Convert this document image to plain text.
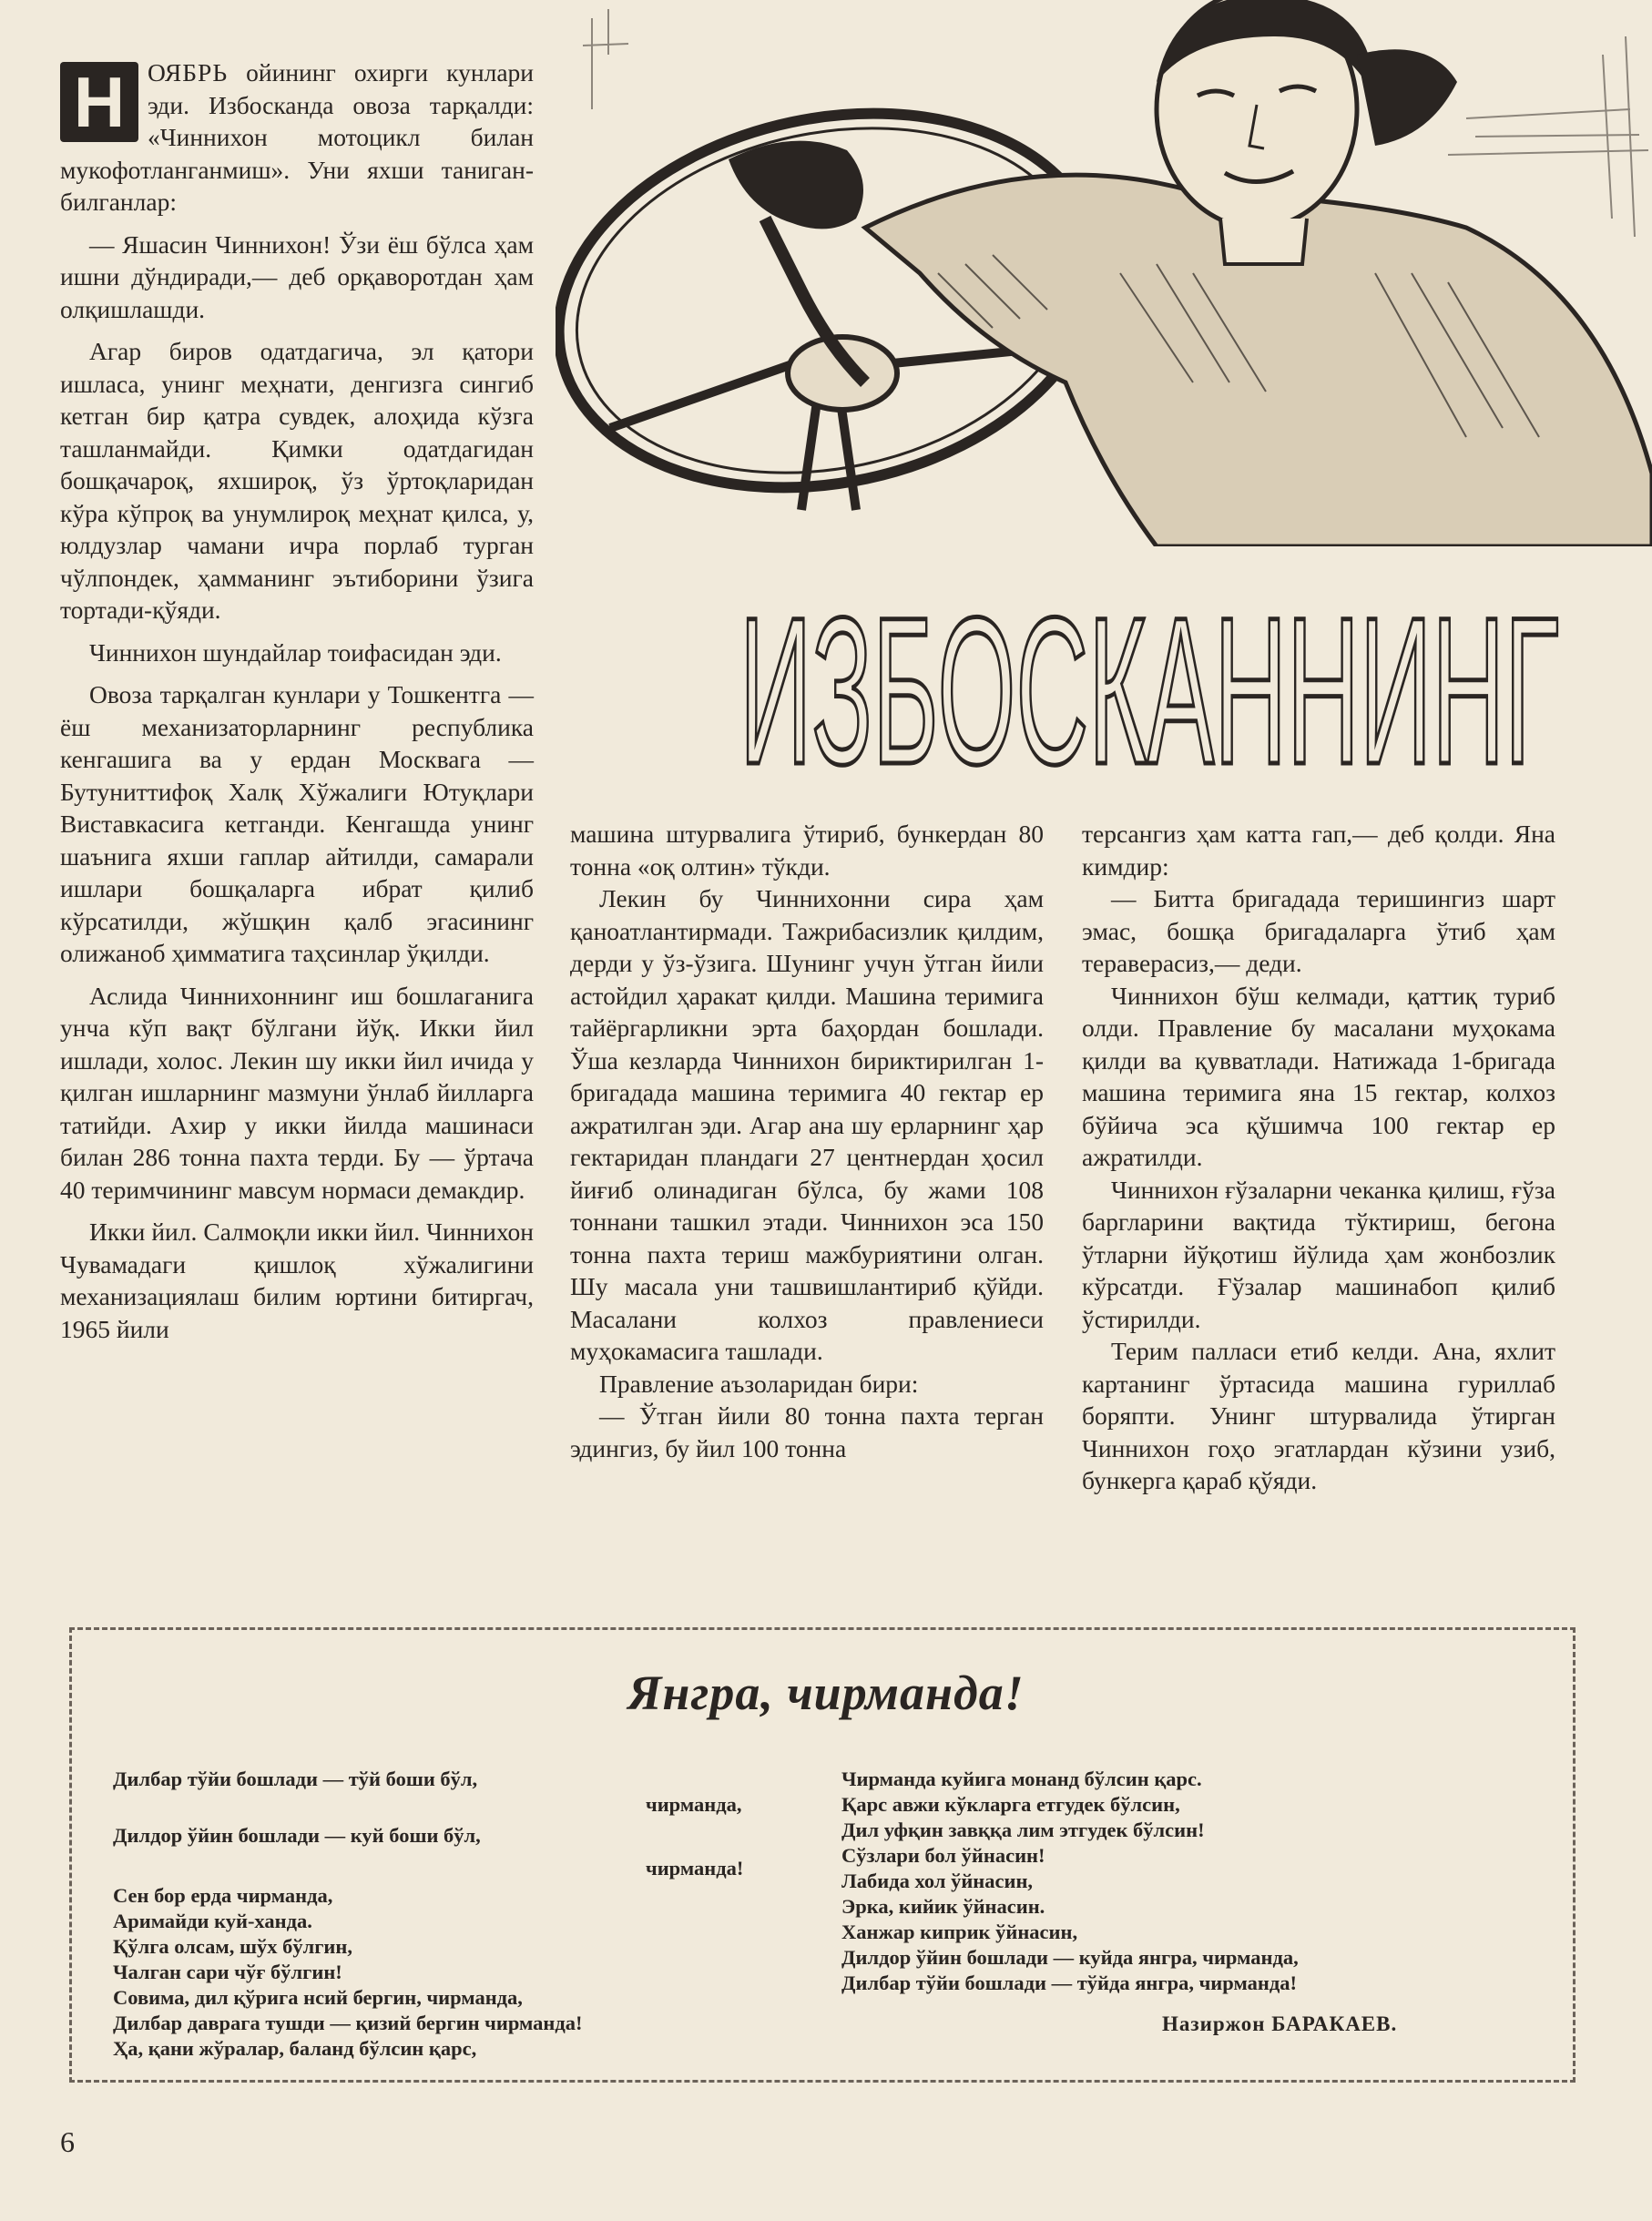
Н ОЯБРЬ ойининг охирги кунлари эди. Избосканда овоза тарқалди: «Чиннихон мотоцикл билан мукофотланганмиш». Уни яхши таниган-билганлар:

— Яшасин Чиннихон! Ўзи ёш бўлса ҳам ишни дўндиради,— деб орқаворотдан ҳам олқишлашди.

Агар биров одатдагича, эл қатори ишласа, унинг меҳнати, денгизга сингиб кетган бир қатра сувдек, алоҳида кўзга ташланмайди. Қимки одатдагидан бошқачароқ, яхшироқ, ўз ўртоқларидан кўра кўпроқ ва унумлироқ меҳнат қилса, у, юлдузлар чамани ичра порлаб турган чўлпондек, ҳамманинг эътиборини ўзига тортади-қўяди.

Чиннихон шундайлар тоифасидан эди.

Овоза тарқалган кунлари у Тошкентга — ёш механизаторларнинг республика кенгашига ва у ердан Москвага — Бутуниттифоқ Халқ Хўжалиги Ютуқлари Виставкасига кетганди. Кенгашда унинг шаънига яхши гаплар айтилди, самарали ишлари бошқаларга ибрат қилиб кўрсатилди, жўшқин қалб эгасининг олижаноб ҳимматига таҳсинлар ўқилди.

Аслида Чиннихоннинг иш бошлаганига унча кўп вақт бўлгани йўқ. Икки йил ишлади, холос. Лекин шу икки йил ичида у қилган ишларнинг мазмуни ўнлаб йилларга татийди. Ахир у икки йилда машинаси билан 286 тонна пахта терди. Бу — ўртача 40 теримчининг мавсум нормаси демакдир.

Икки йил. Салмоқли икки йил. Чиннихон Чувамадаги қишлоқ хўжалигини механизациялаш билим юртини битиргач, 1965 йили

ИЗБОСКАННИНГ

машина штурвалига ўтириб, бункердан 80 тонна «оқ олтин» тўкди.

Лекин бу Чиннихонни сира ҳам қаноатлантирмади. Тажрибасизлик қилдим, дерди у ўз-ўзига. Шунинг учун ўтган йили астойдил ҳаракат қилди. Машина теримига тайёргарликни эрта баҳордан бошлади. Ўша кезларда Чиннихон бириктирилган 1-бригадада машина теримига 40 гектар ер ажратилган эди. Агар ана шу ерларнинг ҳар гектаридан пландаги 27 центнердан ҳосил йиғиб олинадиган бўлса, бу жами 108 тоннани ташкил этади. Чиннихон эса 150 тонна пахта териш мажбуриятини олган. Шу масала уни ташвишлантириб қўйди. Масалани колхоз правлениеси муҳокамасига ташлади.

Правление аъзоларидан бири:

— Ўтган йили 80 тонна пахта терган эдингиз, бу йил 100 тонна

терсангиз ҳам катта гап,— деб қолди. Яна кимдир:

— Битта бригадада теришингиз шарт эмас, бошқа бригадаларга ўтиб ҳам тераверасиз,— деди.

Чиннихон бўш келмади, қаттиқ туриб олди. Правление бу масалани муҳокама қилди ва қувватлади. Натижада 1-бригада машина теримига яна 15 гектар, колхоз бўйича эса қўшимча 100 гектар ер ажратилди.

Чиннихон ғўзаларни чеканка қилиш, ғўза баргларини вақтида тўктириш, бегона ўтларни йўқотиш йўлида ҳам жонбозлик кўрсатди. Ғўзалар машинабоп қилиб ўстирилди.

Терим палласи етиб келди. Ана, яхлит картанинг ўртасида машина гуриллаб боряпти. Унинг штурвалида ўтирган Чиннихон гоҳо эгатлардан кўзини узиб, бункерга қараб қўяди.

Янгра, чирманда!
Дилбар тўйи бошлади — тўй боши бўл,
чирманда,
Дилдор ўйин бошлади — куй боши бўл,
чирманда!
Сен бор ерда чирманда,
Аримайди куй-хандa.
Қўлга олсам, шўх бўлгин,
Чалган сари чўғ бўлгин!
Совима, дил қўрига нсий бергин, чирманда,
Дилбар даврага тушди — қизий бергин чирманда!
Ҳа, қани жўралар, баланд бўлсин қарс,
Чирманда куйига монанд бўлсин қарс.
Қарс авжи кўкларга етгудек бўлсин,
Дил уфқин завққа лим этгудек бўлсин!
Сўзлари бол ўйнасин!
Лабида хол ўйнасин,
Эрка, кийик ўйнасин.
Ханжар киприк ўйнасин,
Дилдор ўйин бошлади — куйда янгра, чирманда,
Дилбар тўйи бошлади — тўйда янгра, чирманда!
Назиржон БАРАКАЕВ.
6
